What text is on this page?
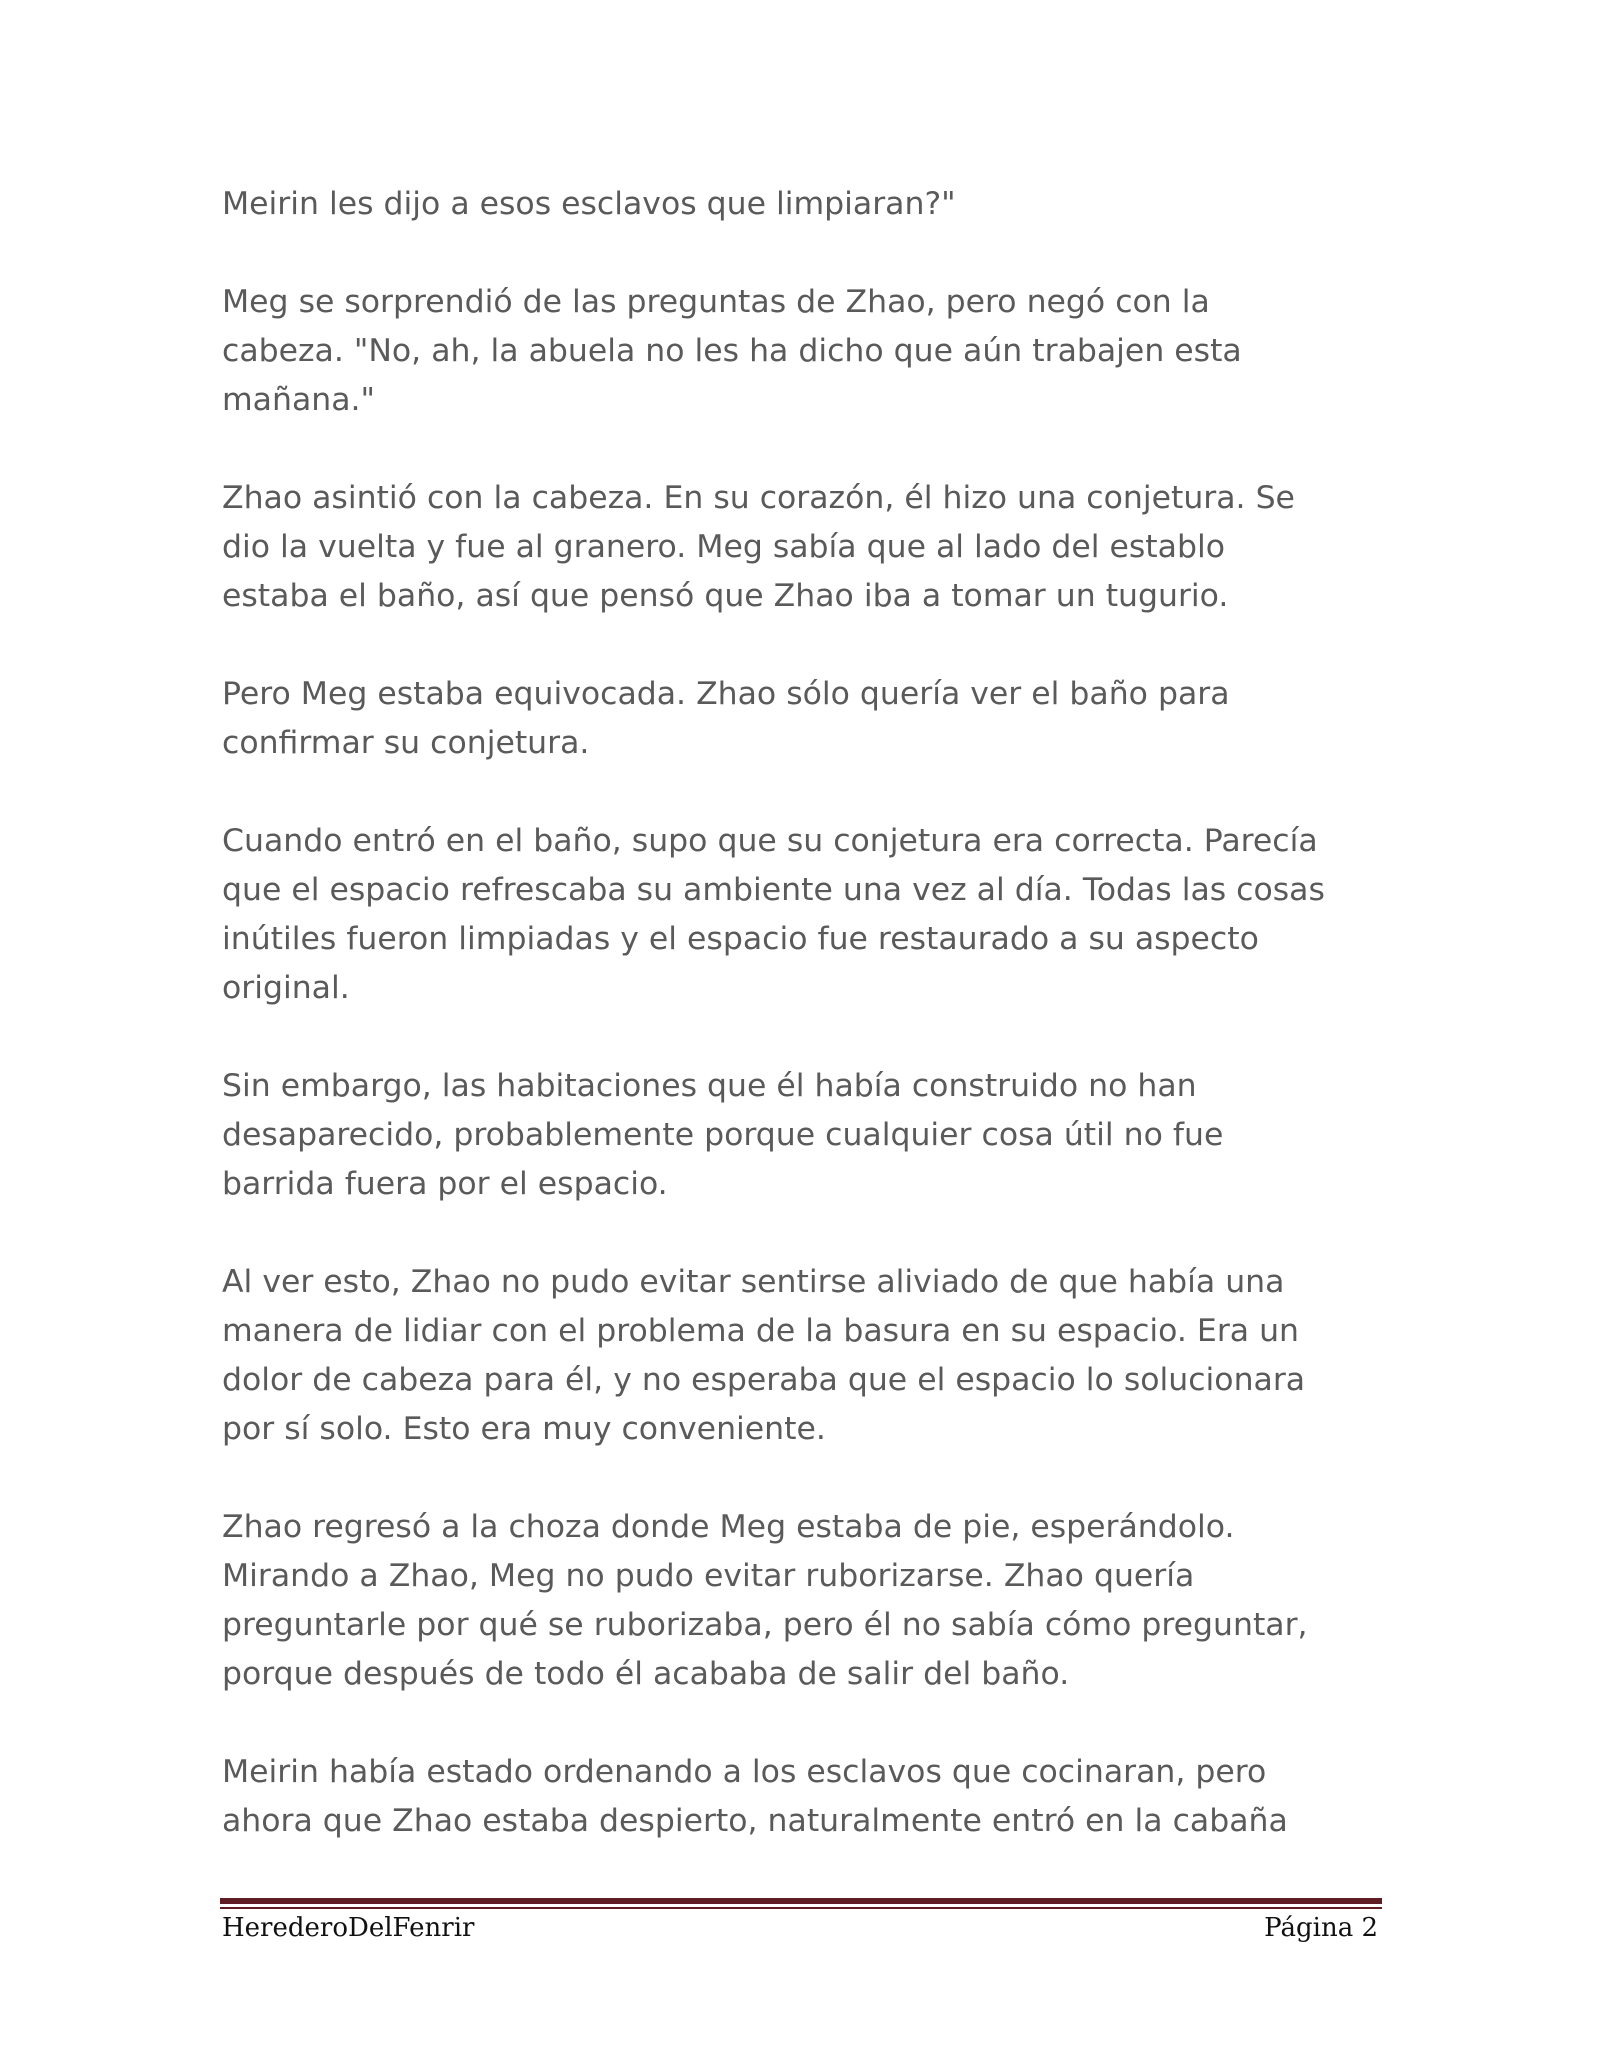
Meirin les dijo a esos esclavos que limpiaran?"

Meg se sorprendió de las preguntas de Zhao, pero negó con la
cabeza. "No, ah, la abuela no les ha dicho que aún trabajen esta
mañana."

Zhao asintió con la cabeza. En su corazón, él hizo una conjetura. Se
dio la vuelta y fue al granero. Meg sabía que al lado del establo
estaba el baño, así que pensó que Zhao iba a tomar un tugurio.

Pero Meg estaba equivocada. Zhao sólo quería ver el baño para
confirmar su conjetura.

Cuando entró en el baño, supo que su conjetura era correcta. Parecía
que el espacio refrescaba su ambiente una vez al día. Todas las cosas
inútiles fueron limpiadas y el espacio fue restaurado a su aspecto
original.

Sin embargo, las habitaciones que él había construido no han
desaparecido, probablemente porque cualquier cosa útil no fue
barrida fuera por el espacio.

Al ver esto, Zhao no pudo evitar sentirse aliviado de que había una
manera de lidiar con el problema de la basura en su espacio. Era un
dolor de cabeza para él, y no esperaba que el espacio lo solucionara
por sí solo. Esto era muy conveniente.

Zhao regresó a la choza donde Meg estaba de pie, esperándolo.
Mirando a Zhao, Meg no pudo evitar ruborizarse. Zhao quería
preguntarle por qué se ruborizaba, pero él no sabía cómo preguntar,
porque después de todo él acababa de salir del baño.

Meirin había estado ordenando a los esclavos que cocinaran, pero
ahora que Zhao estaba despierto, naturalmente entró en la cabaña

HerederoDelFenrir	Página 2
